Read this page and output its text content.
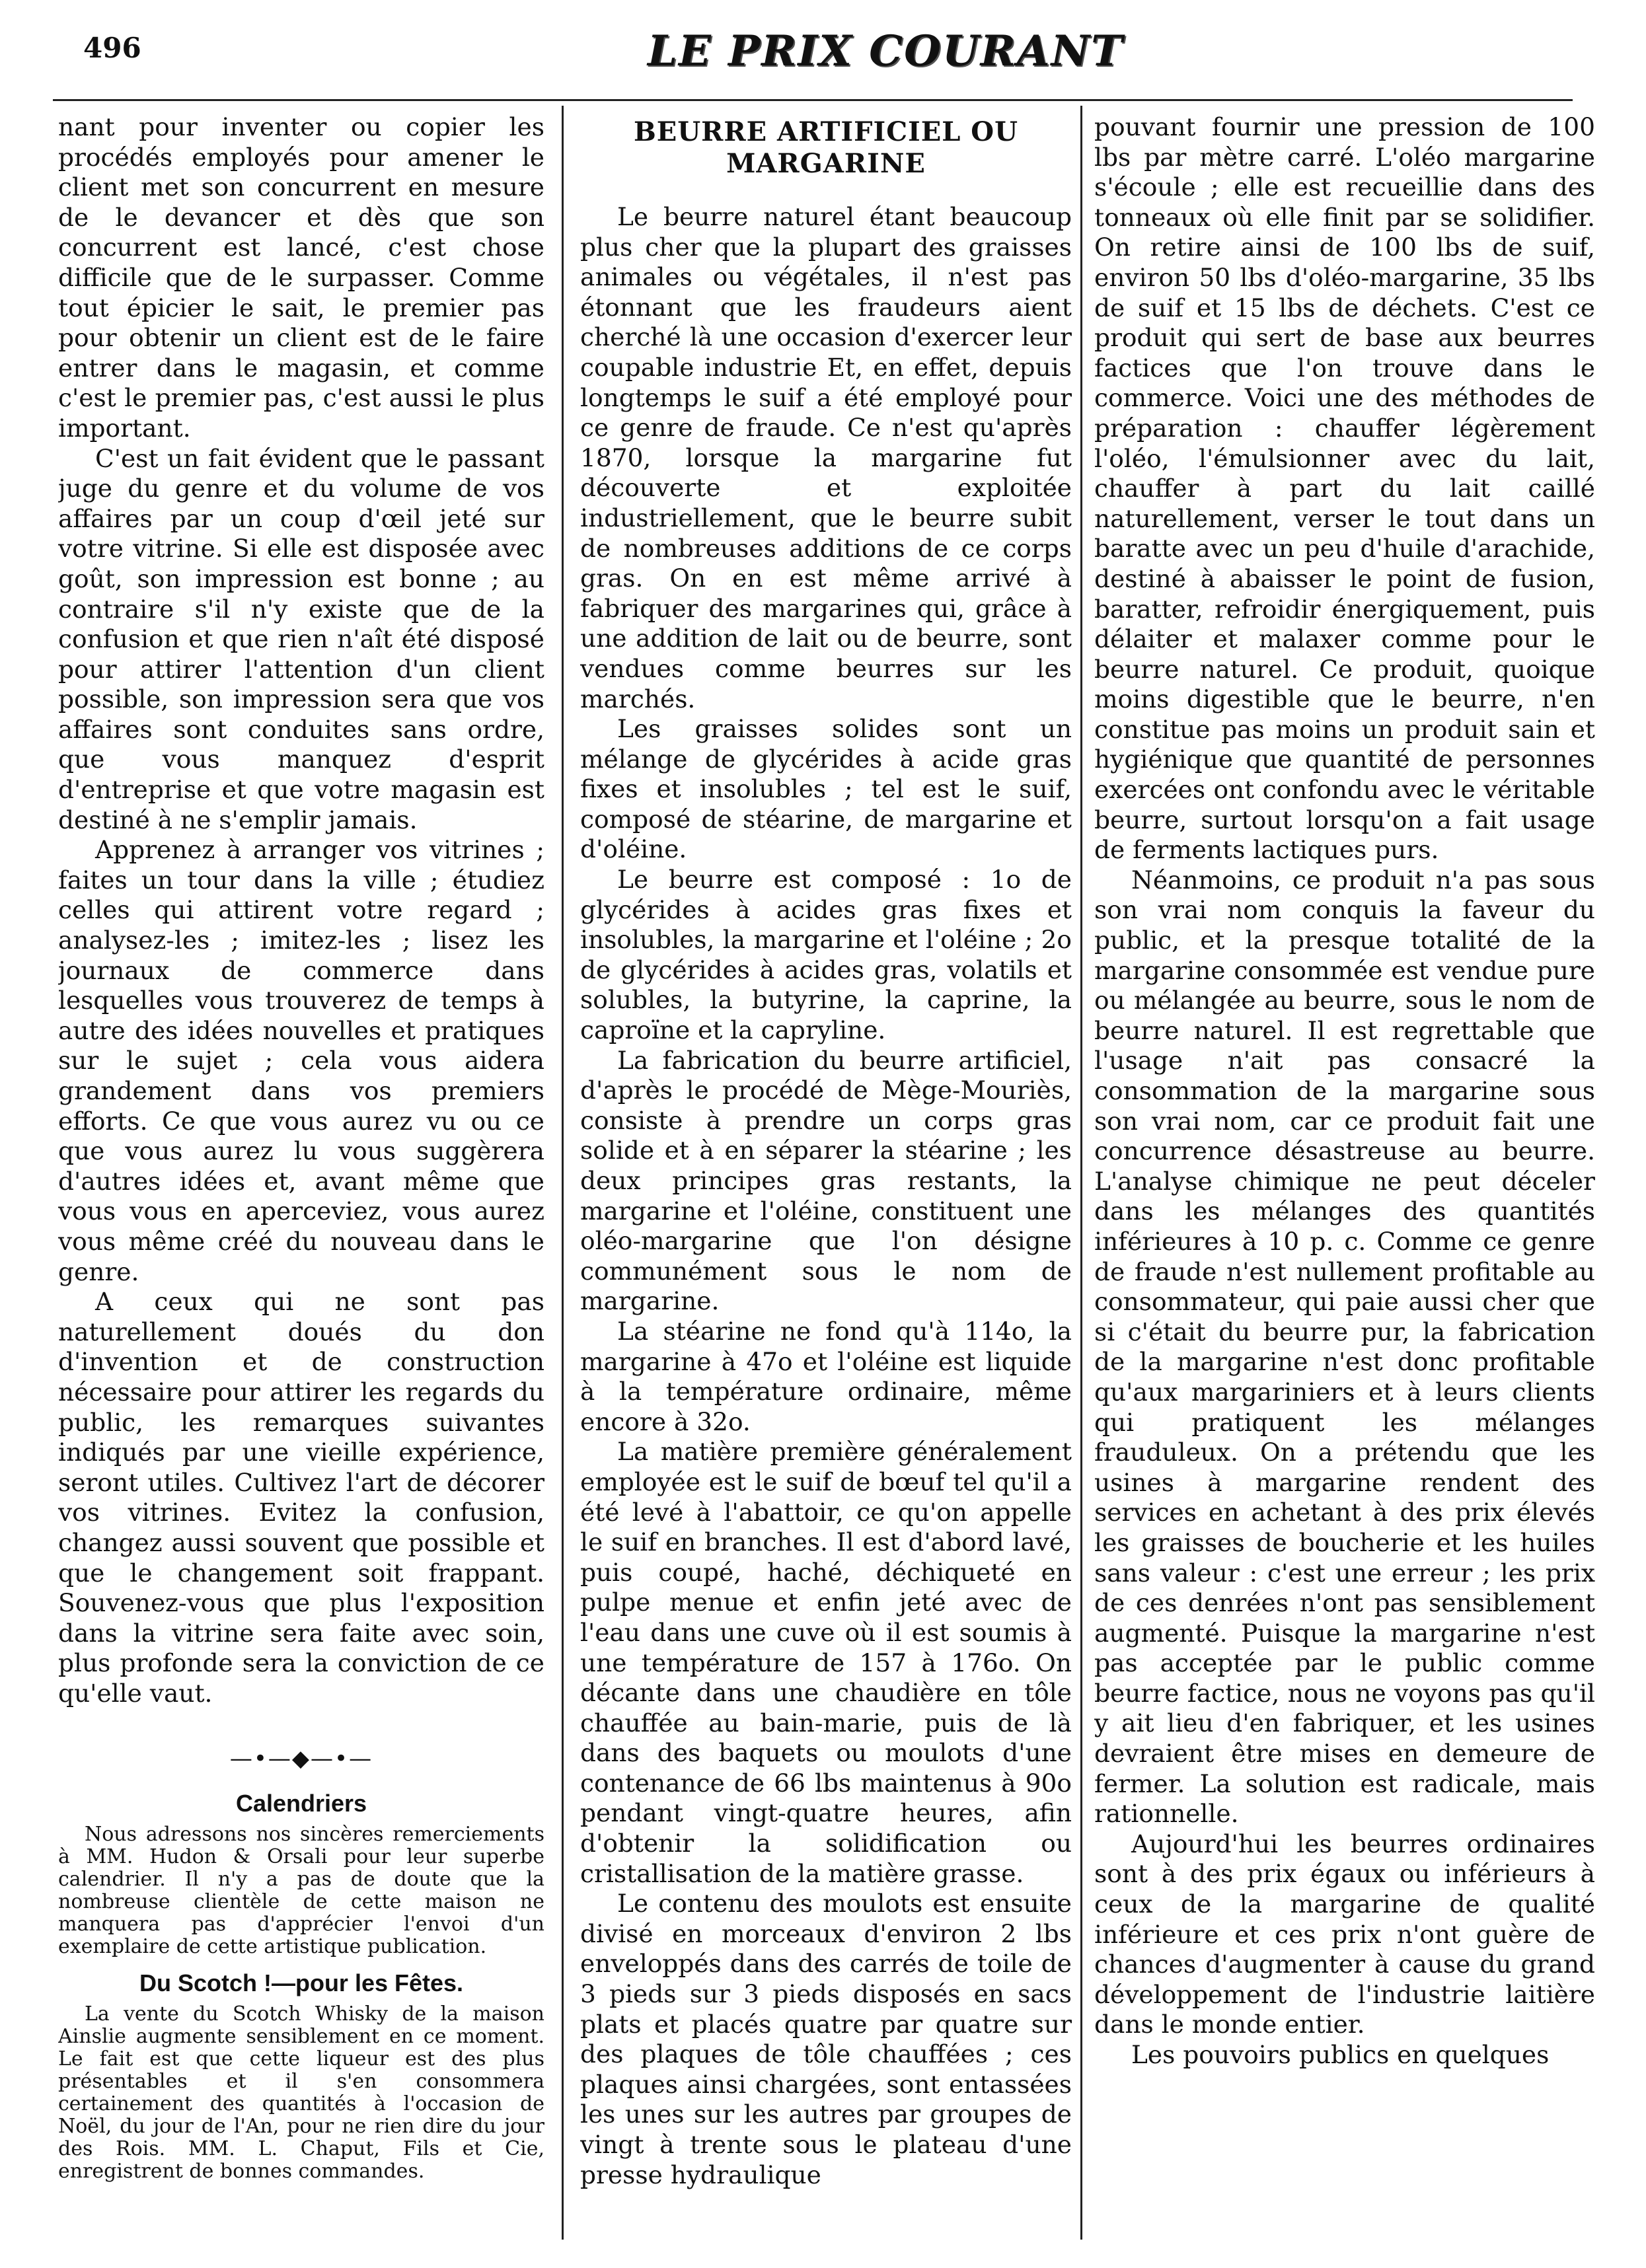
496	LE PRIX COURANT

nant pour inventer ou copier les procédés employés pour amener le client met son concurrent en mesure de le devancer et dès que son concurrent est lancé, c'est chose difficile que de le surpasser. Comme tout épicier le sait, le premier pas pour obtenir un client est de le faire entrer dans le magasin, et comme c'est le premier pas, c'est aussi le plus important.

C'est un fait évident que le passant juge du genre et du volume de vos affaires par un coup d'œil jeté sur votre vitrine. Si elle est disposée avec goût, son impression est bonne ; au contraire s'il n'y existe que de la confusion et que rien n'aît été disposé pour attirer l'attention d'un client possible, son impression sera que vos affaires sont conduites sans ordre, que vous manquez d'esprit d'entreprise et que votre magasin est destiné à ne s'emplir jamais.

Apprenez à arranger vos vitrines ; faites un tour dans la ville ; étudiez celles qui attirent votre regard ; analysez-les ; imitez-les ; lisez les journaux de commerce dans lesquelles vous trouverez de temps à autre des idées nouvelles et pratiques sur le sujet ; cela vous aidera grandement dans vos premiers efforts. Ce que vous aurez vu ou ce que vous aurez lu vous suggèrera d'autres idées et, avant même que vous vous en aperceviez, vous aurez vous même créé du nouveau dans le genre.

A ceux qui ne sont pas naturellement doués du don d'invention et de construction nécessaire pour attirer les regards du public, les remarques suivantes indiqués par une vieille expérience, seront utiles. Cultivez l'art de décorer vos vitrines. Evitez la confusion, changez aussi souvent que possible et que le changement soit frappant. Souvenez-vous que plus l'exposition dans la vitrine sera faite avec soin, plus profonde sera la conviction de ce qu'elle vaut.

—•—◆—•—
Calendriers

Nous adressons nos sincères remerciements à MM. Hudon & Orsali pour leur superbe calendrier. Il n'y a pas de doute que la nombreuse clientèle de cette maison ne manquera pas d'apprécier l'envoi d'un exemplaire de cette artistique publication.

Du Scotch !—pour les Fêtes.

La vente du Scotch Whisky de la maison Ainslie augmente sensiblement en ce moment. Le fait est que cette liqueur est des plus présentables et il s'en consommera certainement des quantités à l'occasion de Noël, du jour de l'An, pour ne rien dire du jour des Rois. MM. L. Chaput, Fils et Cie, enregistrent de bonnes commandes.

BEURRE ARTIFICIEL OU MARGARINE

Le beurre naturel étant beaucoup plus cher que la plupart des graisses animales ou végétales, il n'est pas étonnant que les fraudeurs aient cherché là une occasion d'exercer leur coupable industrie Et, en effet, depuis longtemps le suif a été employé pour ce genre de fraude. Ce n'est qu'après 1870, lorsque la margarine fut découverte et exploitée industriellement, que le beurre subit de nombreuses additions de ce corps gras. On en est même arrivé à fabriquer des margarines qui, grâce à une addition de lait ou de beurre, sont vendues comme beurres sur les marchés.

Les graisses solides sont un mélange de glycérides à acide gras fixes et insolubles ; tel est le suif, composé de stéarine, de margarine et d'oléine.

Le beurre est composé : 1o de glycérides à acides gras fixes et insolubles, la margarine et l'oléine ; 2o de glycérides à acides gras, volatils et solubles, la butyrine, la caprine, la caproïne et la capryline.

La fabrication du beurre artificiel, d'après le procédé de Mège-Mouriès, consiste à prendre un corps gras solide et à en séparer la stéarine ; les deux principes gras restants, la margarine et l'oléine, constituent une oléo-margarine que l'on désigne communément sous le nom de margarine.

La stéarine ne fond qu'à 114o, la margarine à 47o et l'oléine est liquide à la température ordinaire, même encore à 32o.

La matière première généralement employée est le suif de bœuf tel qu'il a été levé à l'abattoir, ce qu'on appelle le suif en branches. Il est d'abord lavé, puis coupé, haché, déchiqueté en pulpe menue et enfin jeté avec de l'eau dans une cuve où il est soumis à une température de 157 à 176o. On décante dans une chaudière en tôle chauffée au bain-marie, puis de là dans des baquets ou moulots d'une contenance de 66 lbs maintenus à 90o pendant vingt-quatre heures, afin d'obtenir la solidification ou cristallisation de la matière grasse.

Le contenu des moulots est ensuite divisé en morceaux d'environ 2 lbs enveloppés dans des carrés de toile de 3 pieds sur 3 pieds disposés en sacs plats et placés quatre par quatre sur des plaques de tôle chauffées ; ces plaques ainsi chargées, sont entassées les unes sur les autres par groupes de vingt à trente sous le plateau d'une presse hydraulique

pouvant fournir une pression de 100 lbs par mètre carré. L'oléo margarine s'écoule ; elle est recueillie dans des tonneaux où elle finit par se solidifier. On retire ainsi de 100 lbs de suif, environ 50 lbs d'oléo-margarine, 35 lbs de suif et 15 lbs de déchets. C'est ce produit qui sert de base aux beurres factices que l'on trouve dans le commerce. Voici une des méthodes de préparation : chauffer légèrement l'oléo, l'émulsionner avec du lait, chauffer à part du lait caillé naturellement, verser le tout dans un baratte avec un peu d'huile d'arachide, destiné à abaisser le point de fusion, baratter, refroidir énergiquement, puis délaiter et malaxer comme pour le beurre naturel. Ce produit, quoique moins digestible que le beurre, n'en constitue pas moins un produit sain et hygiénique que quantité de personnes exercées ont confondu avec le véritable beurre, surtout lorsqu'on a fait usage de ferments lactiques purs.

Néanmoins, ce produit n'a pas sous son vrai nom conquis la faveur du public, et la presque totalité de la margarine consommée est vendue pure ou mélangée au beurre, sous le nom de beurre naturel. Il est regrettable que l'usage n'ait pas consacré la consommation de la margarine sous son vrai nom, car ce produit fait une concurrence désastreuse au beurre. L'analyse chimique ne peut déceler dans les mélanges des quantités inférieures à 10 p. c. Comme ce genre de fraude n'est nullement profitable au consommateur, qui paie aussi cher que si c'était du beurre pur, la fabrication de la margarine n'est donc profitable qu'aux margariniers et à leurs clients qui pratiquent les mélanges frauduleux. On a prétendu que les usines à margarine rendent des services en achetant à des prix élevés les graisses de boucherie et les huiles sans valeur : c'est une erreur ; les prix de ces denrées n'ont pas sensiblement augmenté. Puisque la margarine n'est pas acceptée par le public comme beurre factice, nous ne voyons pas qu'il y ait lieu d'en fabriquer, et les usines devraient être mises en demeure de fermer. La solution est radicale, mais rationnelle.

Aujourd'hui les beurres ordinaires sont à des prix égaux ou inférieurs à ceux de la margarine de qualité inférieure et ces prix n'ont guère de chances d'augmenter à cause du grand développement de l'industrie laitière dans le monde entier.

Les pouvoirs publics en quelques
